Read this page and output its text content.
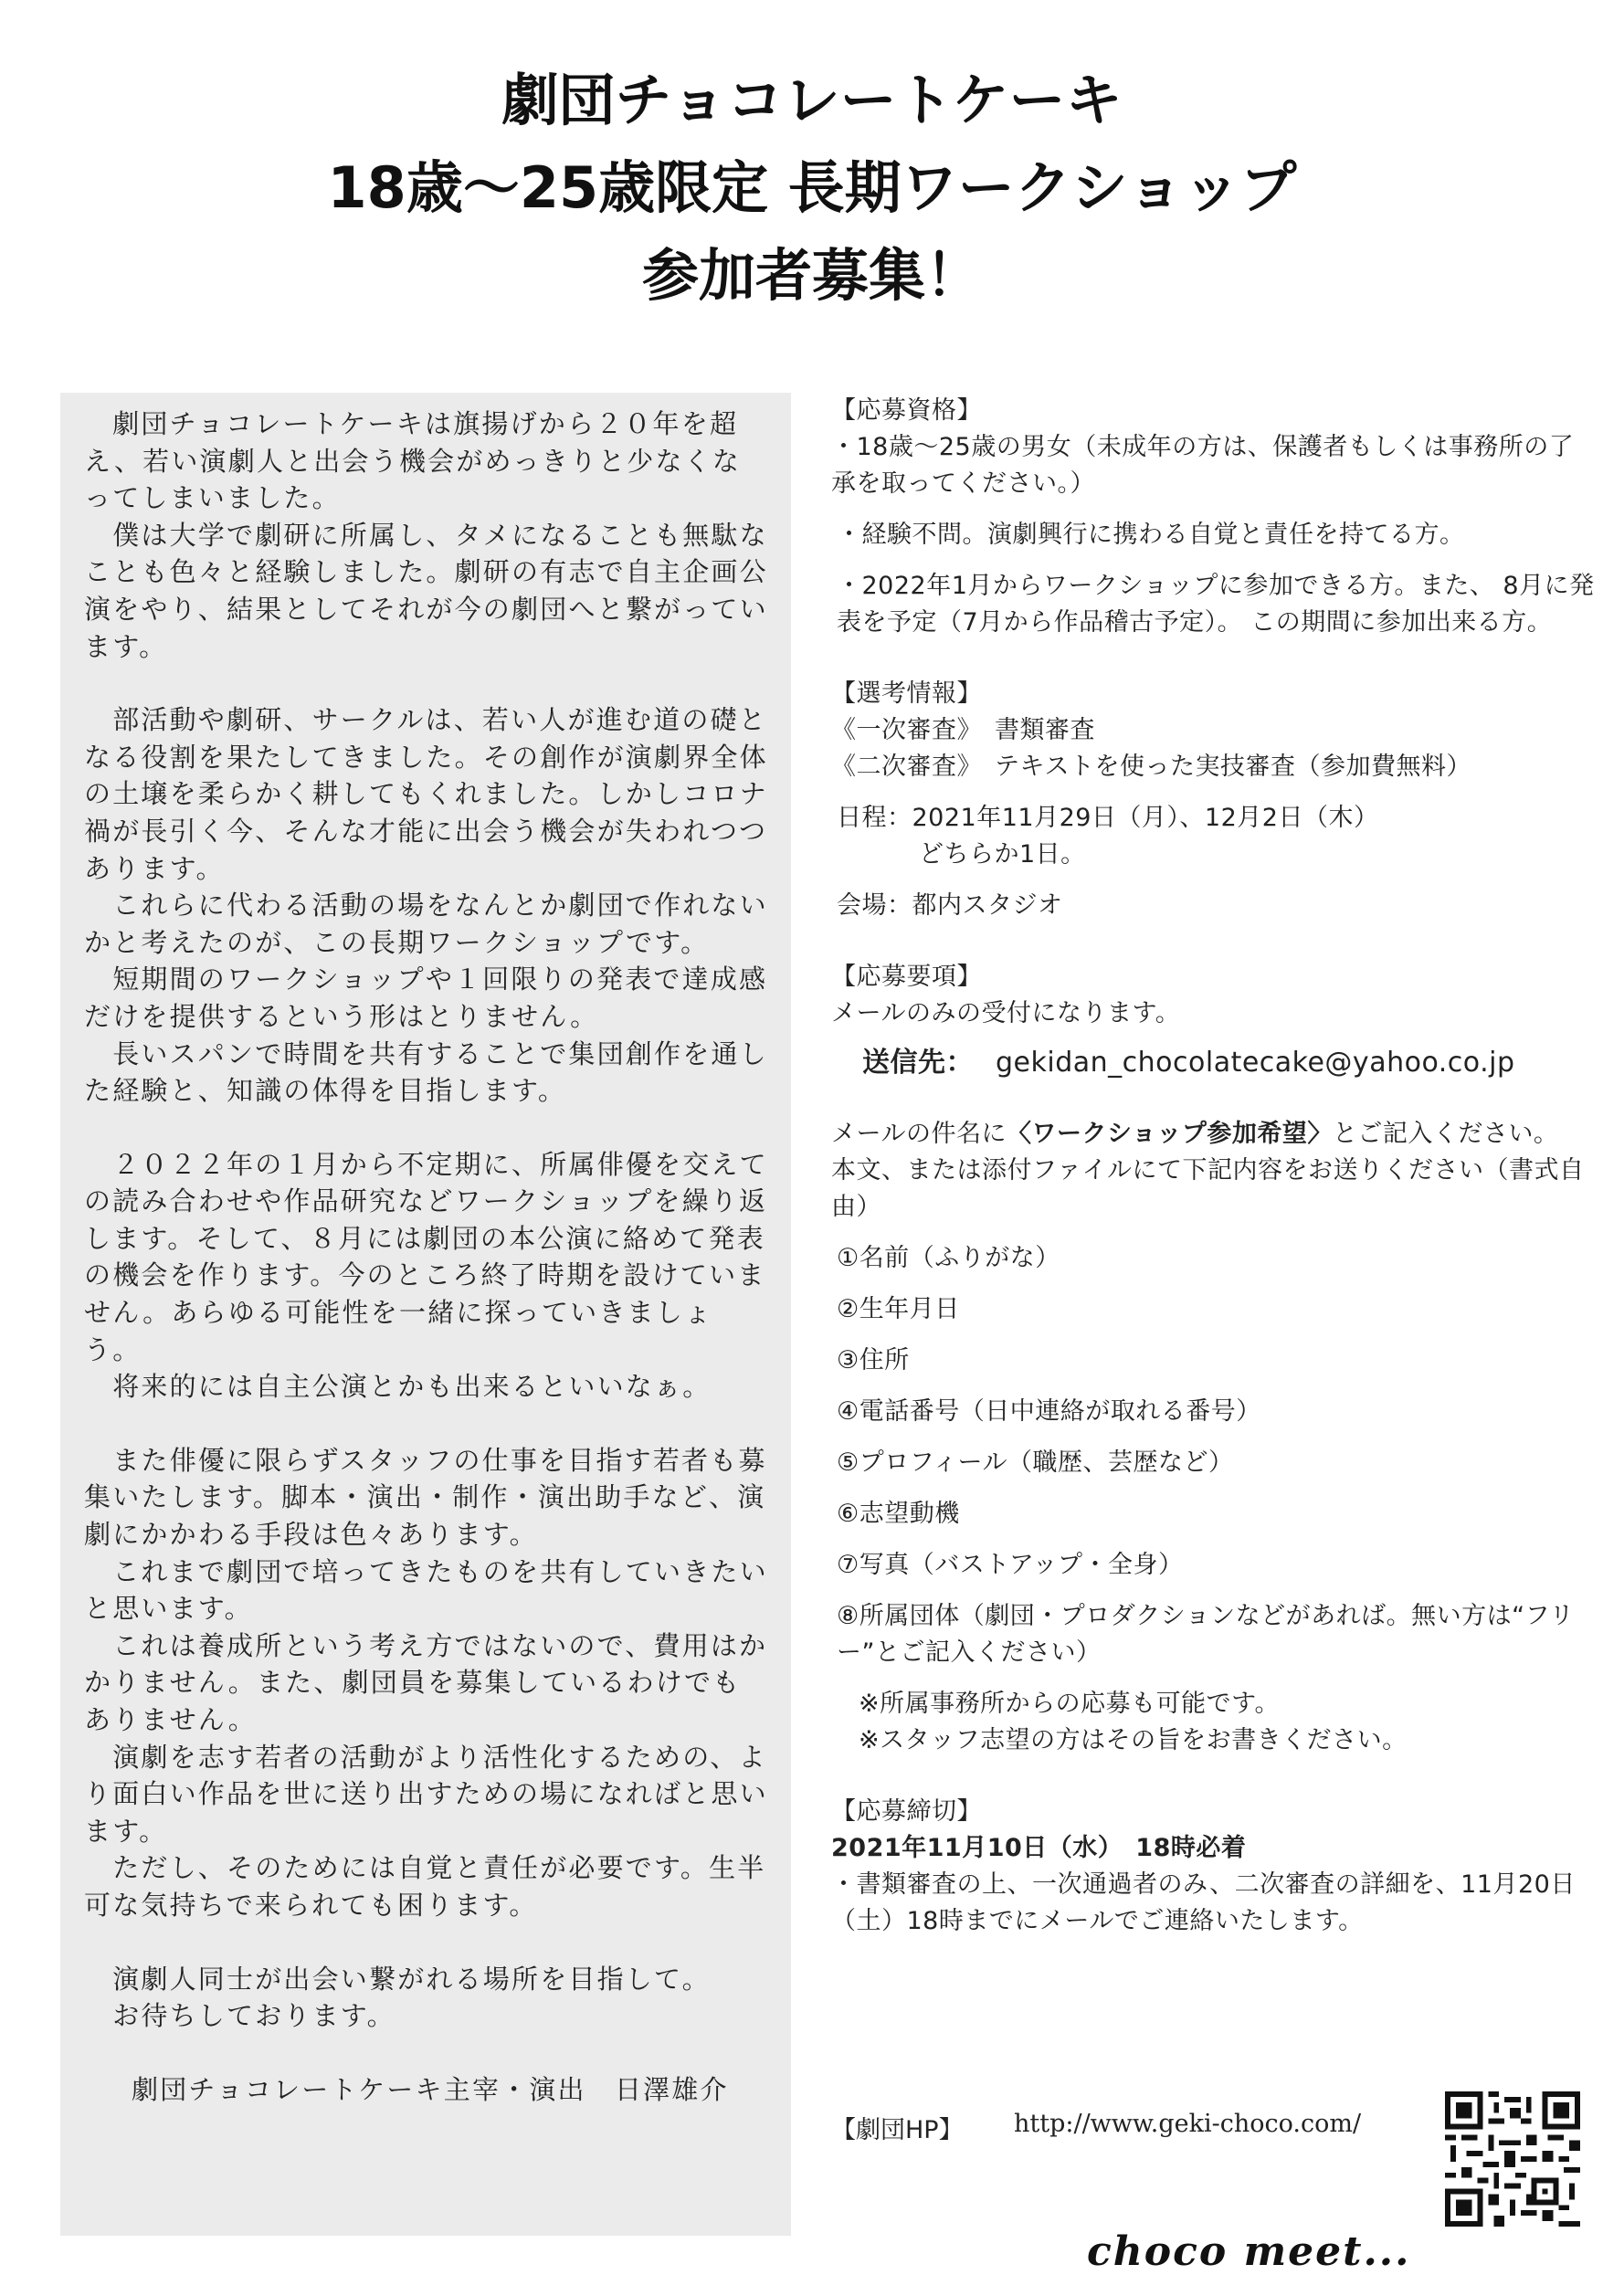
劇団チョコレートケーキ
18歳～25歳限定 長期ワークショップ
参加者募集！

　劇団チョコレートケーキは旗揚げから２０年を超え、若い演劇人と出会う機会がめっきりと少なくなってしまいました。

　僕は大学で劇研に所属し、タメになることも無駄なことも色々と経験しました。劇研の有志で自主企画公演をやり、結果としてそれが今の劇団へと繋がっています。

　部活動や劇研、サークルは、若い人が進む道の礎となる役割を果たしてきました。その創作が演劇界全体の土壌を柔らかく耕してもくれました。しかしコロナ禍が長引く今、そんな才能に出会う機会が失われつつあります。

　これらに代わる活動の場をなんとか劇団で作れないかと考えたのが、この長期ワークショップです。

　短期間のワークショップや１回限りの発表で達成感だけを提供するという形はとりません。

　長いスパンで時間を共有することで集団創作を通した経験と、知識の体得を目指します。

　２０２２年の１月から不定期に、所属俳優を交えての読み合わせや作品研究などワークショップを繰り返します。そして、８月には劇団の本公演に絡めて発表の機会を作ります。今のところ終了時期を設けていません。あらゆる可能性を一緒に探っていきましょう。

　将来的には自主公演とかも出来るといいなぁ。

　また俳優に限らずスタッフの仕事を目指す若者も募集いたします。脚本・演出・制作・演出助手など、演劇にかかわる手段は色々あります。

　これまで劇団で培ってきたものを共有していきたいと思います。

　これは養成所という考え方ではないので、費用はかかりません。また、劇団員を募集しているわけでもありません。

　演劇を志す若者の活動がより活性化するための、より面白い作品を世に送り出すための場になればと思います。

　ただし、そのためには自覚と責任が必要です。生半可な気持ちで来られても困ります。

　演劇人同士が出会い繋がれる場所を目指して。

　お待ちしております。

劇団チョコレートケーキ主宰・演出　日澤雄介

【応募資格】

・18歳～25歳の男女（未成年の方は、保護者もしくは事務所の了承を取ってください。）

・経験不問。演劇興行に携わる自覚と責任を持てる方。

・2022年1月からワークショップに参加できる方。また、 8月に発表を予定（7月から作品稽古予定）。 この期間に参加出来る方。

【選考情報】

《一次審査》　書類審査

《二次審査》　テキストを使った実技審査（参加費無料）

日程：2021年11月29日（月）、12月2日（木）

どちらか1日。

会場：都内スタジオ

【応募要項】

メールのみの受付になります。

送信先： gekidan_chocolatecake@yahoo.co.jp

メールの件名に〈ワークショップ参加希望〉とご記入ください。

本文、または添付ファイルにて下記内容をお送りください（書式自由）

①名前（ふりがな）

②生年月日

③住所

④電話番号（日中連絡が取れる番号）

⑤プロフィール（職歴、芸歴など）

⑥志望動機

⑦写真（バストアップ・全身）

⑧所属団体（劇団・プロダクションなどがあれば。無い方は“フリー”とご記入ください）

※所属事務所からの応募も可能です。

※スタッフ志望の方はその旨をお書きください。

【応募締切】

2021年11月10日（水）　18時必着

・書類審査の上、一次通過者のみ、二次審査の詳細を、11月20日（土）18時までにメールでご連絡いたします。

【劇団HP】 http://www.geki-choco.com/
choco meet...
